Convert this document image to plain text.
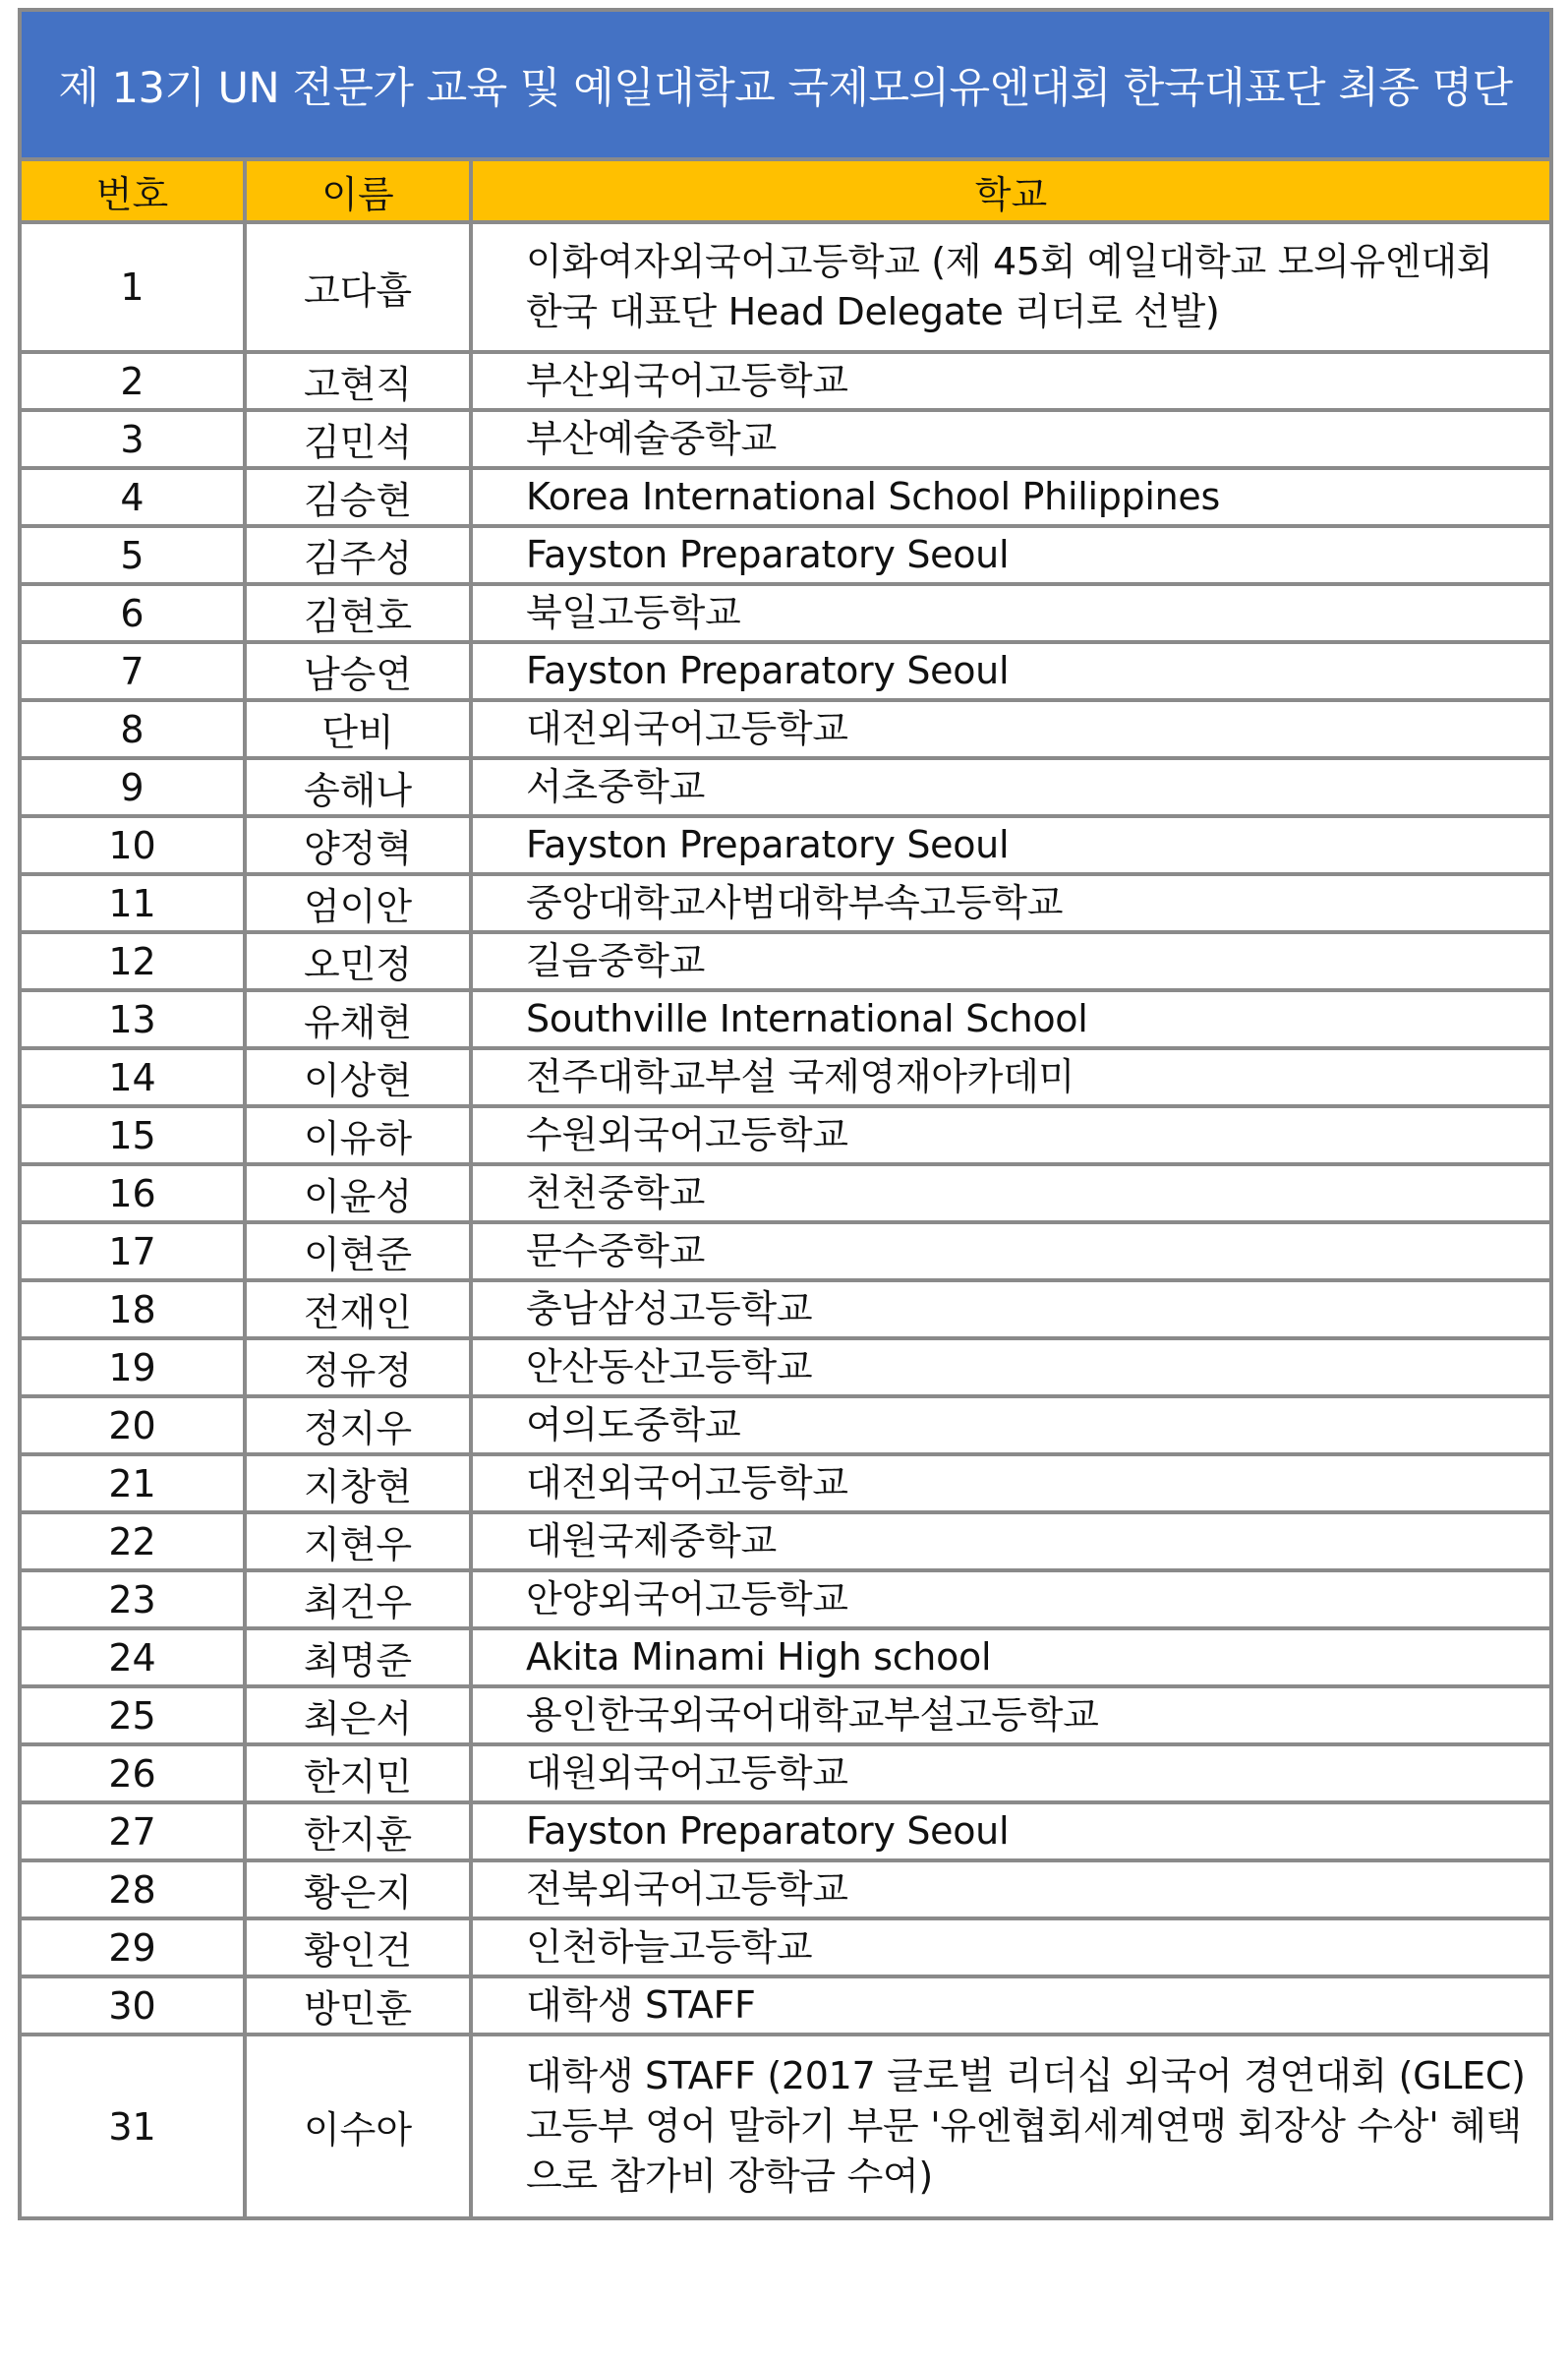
제 13기 UN 전문가 교육 및 예일대학교 국제모의유엔대회 한국대표단 최종 명단
번호	이름	학교
1	고다흡	이화여자외국어고등학교 (제 45회 예일대학교 모의유엔대회 한국 대표단 Head Delegate 리더로 선발)
2	고현직	부산외국어고등학교
3	김민석	부산예술중학교
4	김승현	Korea International School Philippines
5	김주성	Fayston Preparatory Seoul
6	김현호	북일고등학교
7	남승연	Fayston Preparatory Seoul
8	단비	대전외국어고등학교
9	송해나	서초중학교
10	양정혁	Fayston Preparatory Seoul
11	엄이안	중앙대학교사범대학부속고등학교
12	오민정	길음중학교
13	유채현	Southville International School
14	이상현	전주대학교부설 국제영재아카데미
15	이유하	수원외국어고등학교
16	이윤성	천천중학교
17	이현준	문수중학교
18	전재인	충남삼성고등학교
19	정유정	안산동산고등학교
20	정지우	여의도중학교
21	지창현	대전외국어고등학교
22	지현우	대원국제중학교
23	최건우	안양외국어고등학교
24	최명준	Akita Minami High school
25	최은서	용인한국외국어대학교부설고등학교
26	한지민	대원외국어고등학교
27	한지훈	Fayston Preparatory Seoul
28	황은지	전북외국어고등학교
29	황인건	인천하늘고등학교
30	방민훈	대학생 STAFF
31	이수아	대학생 STAFF (2017 글로벌 리더십 외국어 경연대회 (GLEC) 고등부 영어 말하기 부문 '유엔협회세계연맹 회장상 수상' 혜택으로 참가비 장학금 수여)
